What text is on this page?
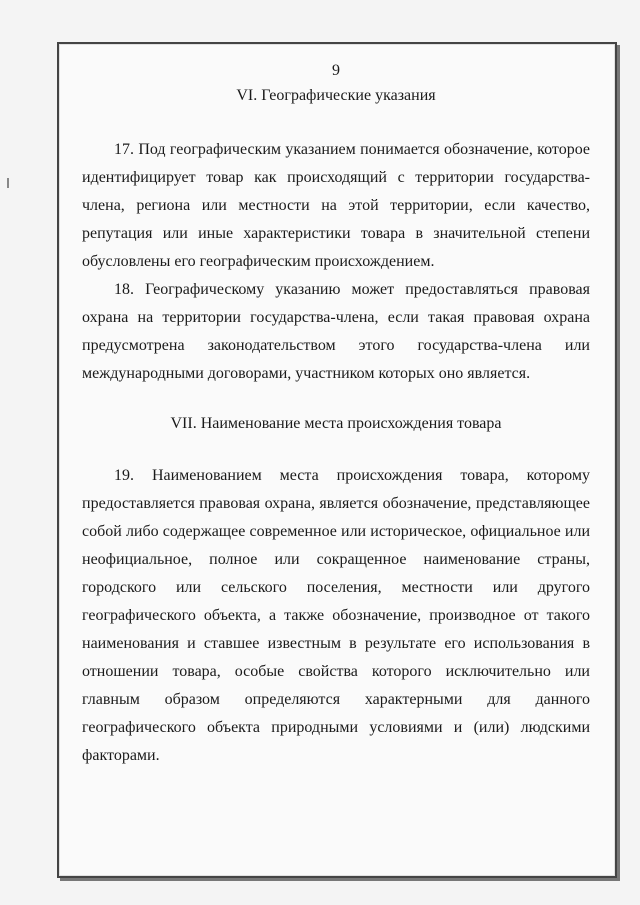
9
VI. Географические указания

17. Под географическим указанием понимается обозначение, которое идентифицирует товар как происходящий с территории государства-члена, региона или местности на этой территории, если качество, репутация или иные характеристики товара в значительной степени обусловлены его географическим происхождением.

18. Географическому указанию может предоставляться правовая охрана на территории государства-члена, если такая правовая охрана предусмотрена законодательством этого государства-члена или международными договорами, участником которых оно является.

VII. Наименование места происхождения товара

19. Наименованием места происхождения товара, которому предоставляется правовая охрана, является обозначение, представляющее собой либо содержащее современное или историческое, официальное или неофициальное, полное или сокращенное наименование страны, городского или сельского поселения, местности или другого географического объекта, а также обозначение, производное от такого наименования и ставшее известным в результате его использования в отношении товара, особые свойства которого исключительно или главным образом определяются характерными для данного географического объекта природными условиями и (или) людскими факторами.
